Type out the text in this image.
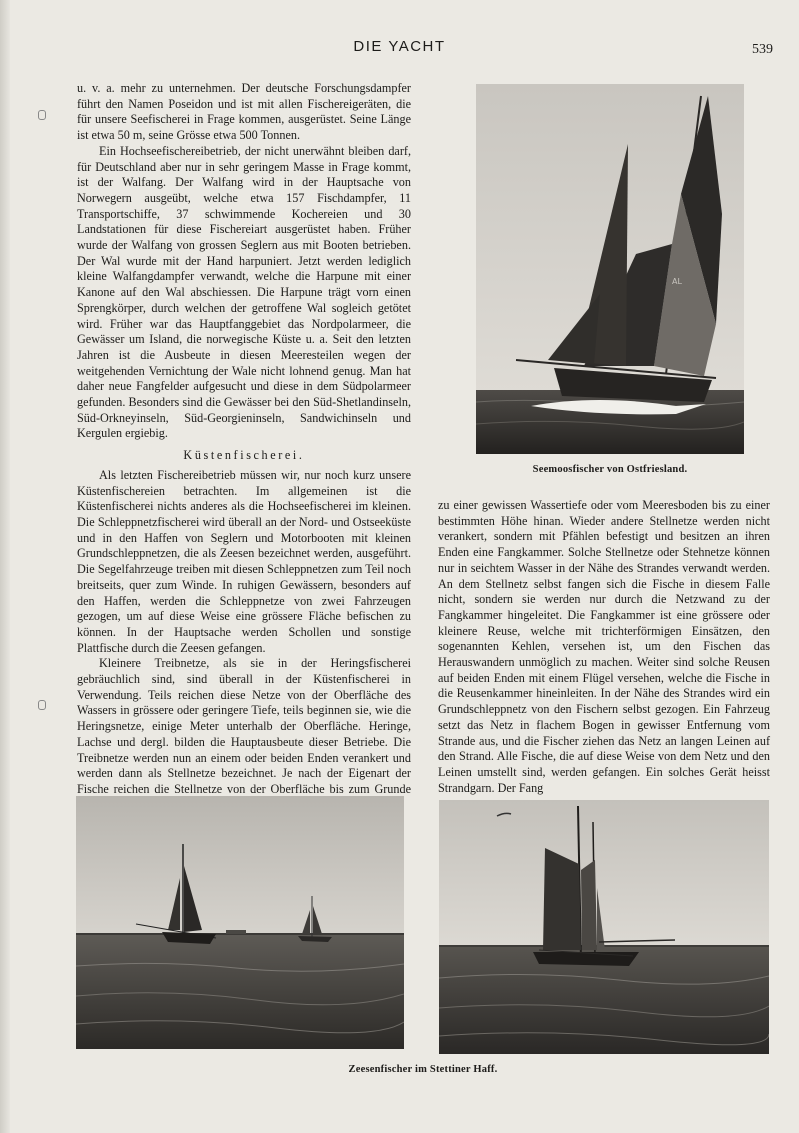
DIE YACHT	539

u. v. a. mehr zu unternehmen. Der deutsche Forschungsdampfer führt den Namen Poseidon und ist mit allen Fischereigeräten, die für unsere Seefischerei in Frage kommen, ausgerüstet. Seine Länge ist etwa 50 m, seine Grösse etwa 500 Tonnen.

Ein Hochseefischereibetrieb, der nicht unerwähnt bleiben darf, für Deutschland aber nur in sehr geringem Masse in Frage kommt, ist der Walfang. Der Walfang wird in der Hauptsache von Norwegern ausgeübt, welche etwa 157 Fischdampfer, 11 Transportschiffe, 37 schwimmende Kochereien und 30 Landstationen für diese Fischereiart ausgerüstet haben. Früher wurde der Walfang von grossen Seglern aus mit Booten betrieben. Der Wal wurde mit der Hand harpuniert. Jetzt werden lediglich kleine Walfangdampfer verwandt, welche die Harpune mit einer Kanone auf den Wal abschiessen. Die Harpune trägt vorn einen Sprengkörper, durch welchen der getroffene Wal sogleich getötet wird. Früher war das Hauptfanggebiet das Nordpolarmeer, die Gewässer um Island, die norwegische Küste u. a. Seit den letzten Jahren ist die Ausbeute in diesen Meeresteilen wegen der weitgehenden Vernichtung der Wale nicht lohnend genug. Man hat daher neue Fangfelder aufgesucht und diese in dem Südpolarmeer gefunden. Besonders sind die Gewässer bei den Süd-Shetlandinseln, Süd-Orkneyinseln, Süd-Georgieninseln, Sandwichinseln und Kergulen ergiebig.

Küstenfischerei.

Als letzten Fischereibetrieb müssen wir, nur noch kurz unsere Küstenfischereien betrachten. Im allgemeinen ist die Küstenfischerei nichts anderes als die Hochseefischerei im kleinen. Die Schleppnetzfischerei wird überall an der Nord- und Ostseeküste und in den Haffen von Seglern und Motorbooten mit kleinen Grundschleppnetzen, die als Zeesen bezeichnet werden, ausgeführt. Die Segelfahrzeuge treiben mit diesen Schleppnetzen zum Teil noch breitseits, quer zum Winde. In ruhigen Gewässern, besonders auf den Haffen, werden die Schleppnetze von zwei Fahrzeugen gezogen, um auf diese Weise eine grössere Fläche befischen zu können. In der Hauptsache werden Schollen und sonstige Plattfische durch die Zeesen gefangen.

Kleinere Treibnetze, als sie in der Heringsfischerei gebräuchlich sind, sind überall in der Küstenfischerei in Verwendung. Teils reichen diese Netze von der Oberfläche des Wassers in grössere oder geringere Tiefe, teils beginnen sie, wie die Heringsnetze, einige Meter unterhalb der Oberfläche. Heringe, Lachse und dergl. bilden die Hauptausbeute dieser Betriebe. Die Treibnetze werden nun an einem oder beiden Enden verankert und werden dann als Stellnetze bezeichnet. Je nach der Eigenart der Fische reichen die Stellnetze von der Oberfläche bis zum Grunde

AL
Seemoosfischer von Ostfriesland.

zu einer gewissen Wassertiefe oder vom Meeresboden bis zu einer bestimmten Höhe hinan. Wieder andere Stellnetze werden nicht verankert, sondern mit Pfählen befestigt und besitzen an ihren Enden eine Fangkammer. Solche Stellnetze oder Stehnetze können nur in seichtem Wasser in der Nähe des Strandes verwandt werden. An dem Stellnetz selbst fangen sich die Fische in diesem Falle nicht, sondern sie werden nur durch die Netzwand zu der Fangkammer hingeleitet. Die Fangkammer ist eine grössere oder kleinere Reuse, welche mit trichterförmigen Einsätzen, den sogenannten Kehlen, versehen ist, um den Fischen das Herauswandern unmöglich zu machen. Weiter sind solche Reusen auf beiden Enden mit einem Flügel versehen, welche die Fische in die Reusenkammer hineinleiten. In der Nähe des Strandes wird ein Grundschleppnetz von den Fischern selbst gezogen. Ein Fahrzeug setzt das Netz in flachem Bogen in gewisser Entfernung vom Strande aus, und die Fischer ziehen das Netz an langen Leinen auf den Strand. Alle Fische, die auf diese Weise von dem Netz und den Leinen umstellt sind, werden gefangen. Ein solches Gerät heisst Strandgarn. Der Fang

Zeesenfischer im Stettiner Haff.
